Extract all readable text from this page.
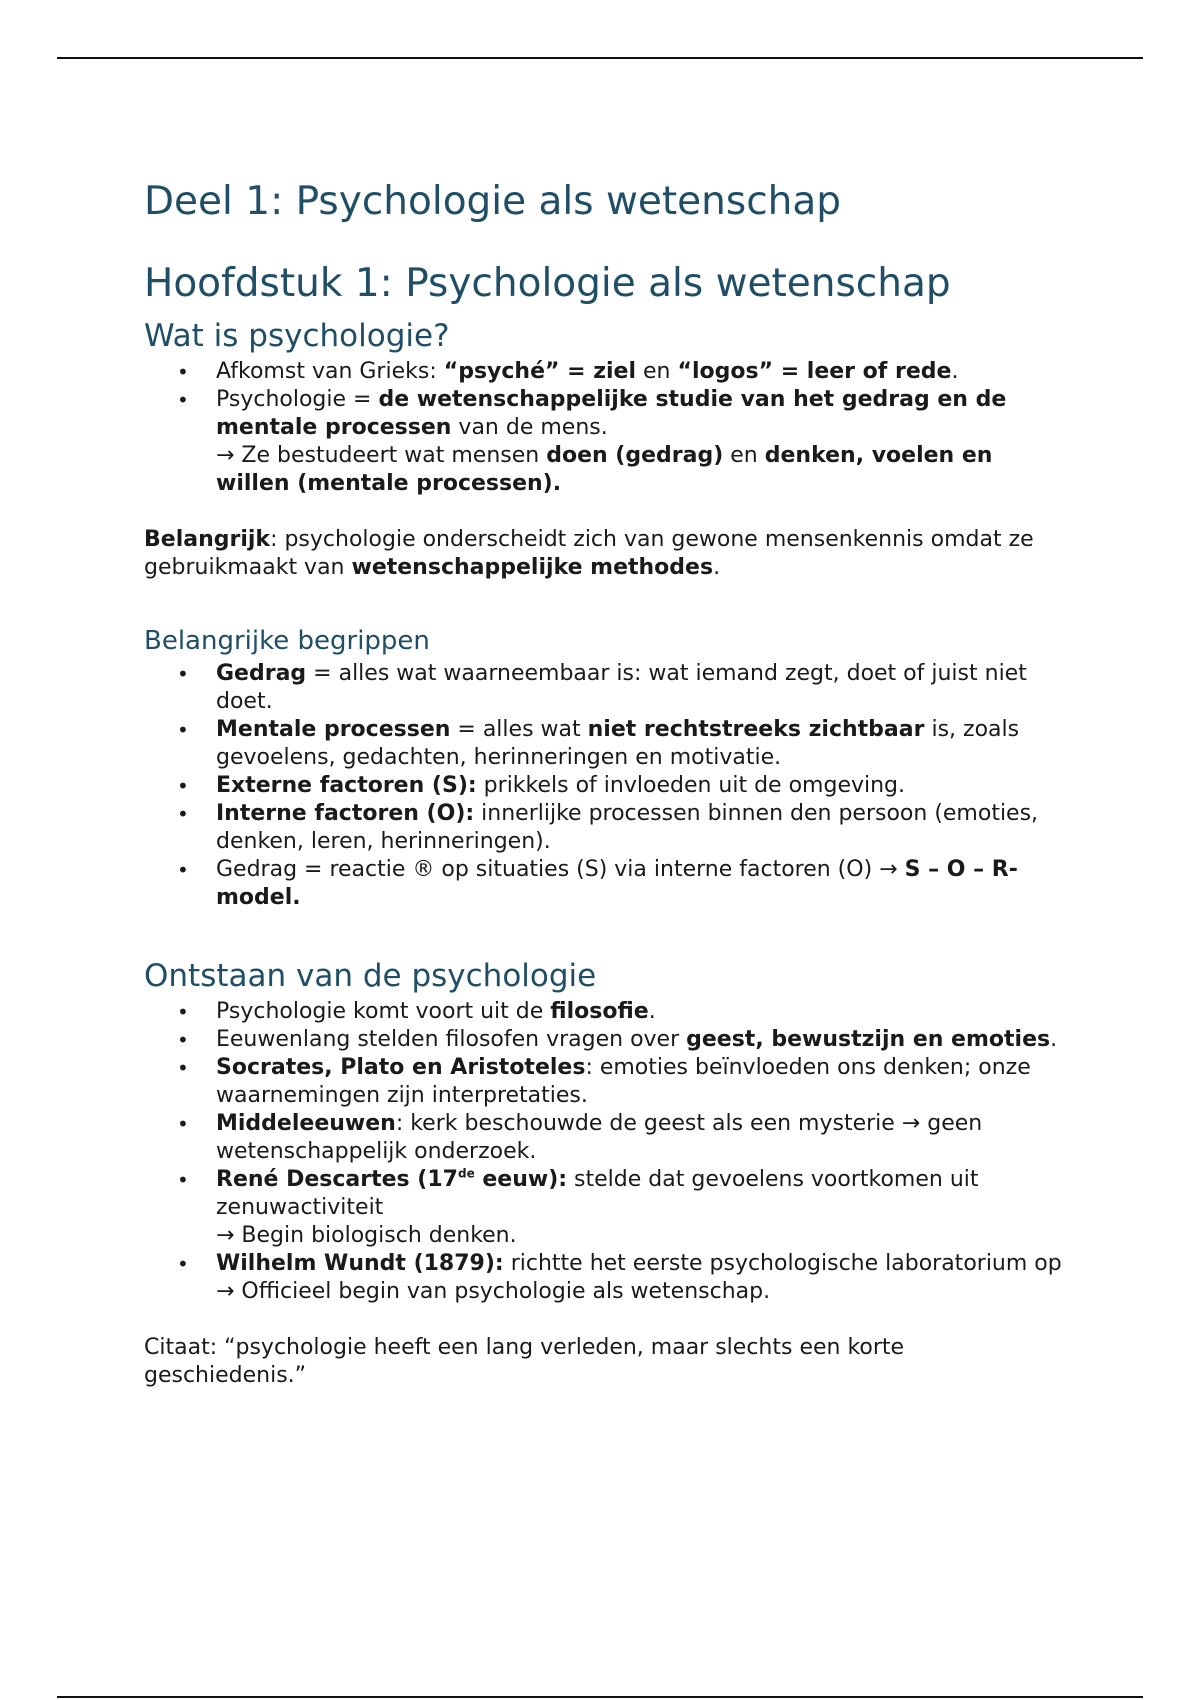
Deel 1: Psychologie als wetenschap
Hoofdstuk 1: Psychologie als wetenschap
Wat is psychologie?
• Afkomst van Grieks: “psyché” = ziel en “logos” = leer of rede.
• Psychologie = de wetenschappelijke studie van het gedrag en de mentale processen van de mens.
→ Ze bestudeert wat mensen doen (gedrag) en denken, voelen en willen (mentale processen).

Belangrijk: psychologie onderscheidt zich van gewone mensenkennis omdat ze gebruikmaakt van wetenschappelijke methodes.

Belangrijke begrippen
• Gedrag = alles wat waarneembaar is: wat iemand zegt, doet of juist niet doet.
• Mentale processen = alles wat niet rechtstreeks zichtbaar is, zoals gevoelens, gedachten, herinneringen en motivatie.
• Externe factoren (S): prikkels of invloeden uit de omgeving.
• Interne factoren (O): innerlijke processen binnen den persoon (emoties, denken, leren, herinneringen).
• Gedrag = reactie ® op situaties (S) via interne factoren (O) → S – O – R-model.
Ontstaan van de psychologie
• Psychologie komt voort uit de filosofie.
• Eeuwenlang stelden filosofen vragen over geest, bewustzijn en emoties.
• Socrates, Plato en Aristoteles: emoties beïnvloeden ons denken; onze waarnemingen zijn interpretaties.
• Middeleeuwen: kerk beschouwde de geest als een mysterie → geen wetenschappelijk onderzoek.
• René Descartes (17de eeuw): stelde dat gevoelens voortkomen uit zenuwactiviteit
→ Begin biologisch denken.
• Wilhelm Wundt (1879): richtte het eerste psychologische laboratorium op
→ Officieel begin van psychologie als wetenschap.

Citaat: “psychologie heeft een lang verleden, maar slechts een korte geschiedenis.”
